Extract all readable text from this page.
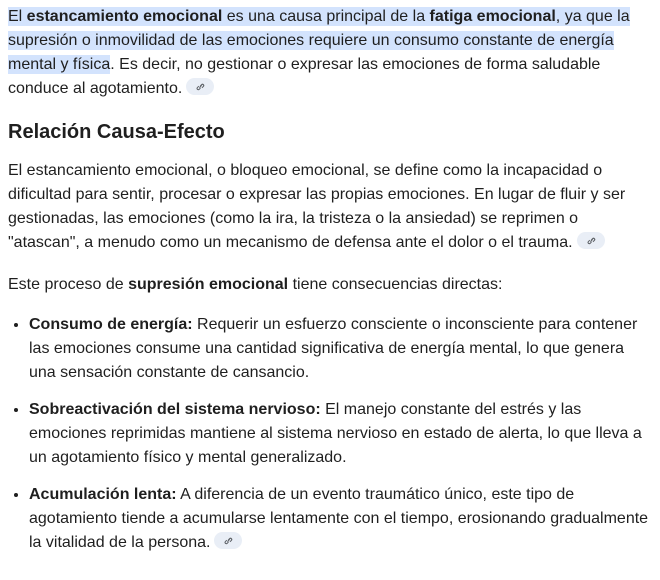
El estancamiento emocional es una causa principal de la fatiga emocional, ya que la supresión o inmovilidad de las emociones requiere un consumo constante de energía mental y física. Es decir, no gestionar o expresar las emociones de forma saludable conduce al agotamiento.

Relación Causa-Efecto

El estancamiento emocional, o bloqueo emocional, se define como la incapacidad o dificultad para sentir, procesar o expresar las propias emociones. En lugar de fluir y ser gestionadas, las emociones (como la ira, la tristeza o la ansiedad) se reprimen o "atascan", a menudo como un mecanismo de defensa ante el dolor o el trauma.

Este proceso de supresión emocional tiene consecuencias directas:

• Consumo de energía: Requerir un esfuerzo consciente o inconsciente para contener las emociones consume una cantidad significativa de energía mental, lo que genera una sensación constante de cansancio.
• Sobreactivación del sistema nervioso: El manejo constante del estrés y las emociones reprimidas mantiene al sistema nervioso en estado de alerta, lo que lleva a un agotamiento físico y mental generalizado.
• Acumulación lenta: A diferencia de un evento traumático único, este tipo de agotamiento tiende a acumularse lentamente con el tiempo, erosionando gradualmente la vitalidad de la persona.
